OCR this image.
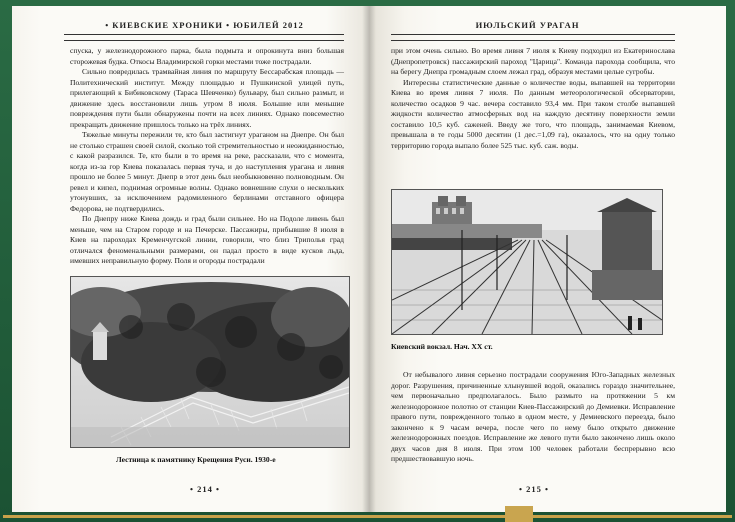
• КИЕВСКИЕ ХРОНИКИ • ЮБИЛЕЙ 2012

спуска, у железнодорожного парка, была подмыта и опрокинута вниз большая сторожевая будка. Откосы Владимирской горки местами тоже пострадали.

Сильно повредилась трамвайная линия по маршруту Бессарабская площадь — Политехнический институт. Между площадью и Пушкинской улицей путь, прилегающий к Бибиковскому (Тараса Шевченко) бульвару, был сильно размыт, и движение здесь восстановили лишь утром 8 июля. Большие или меньшие повреждения пути были обнаружены почти на всех линиях. Однако повсеместно прекращать движение пришлось только на трёх линиях.

Тяжелые минуты пережили те, кто был застигнут ураганом на Днепре. Он был не столько страшен своей силой, сколько той стремительностью и неожиданностью, с какой разразился. Те, кто были в то время на реке, рассказали, что с момента, когда из-за гор Киева показалась первая туча, и до наступления урагана и ливня прошло не более 5 минут. Днепр в этот день был необыкновенно полноводным. Он ревел и кипел, поднимая огромные волны. Однако вовнешние слухи о нескольких утонувших, за исключением радомиленного берлинами отставного офицера Федорова, не подтвердились.

По Днепру ниже Киева дождь и град были сильнее. Но на Подоле ливень был меньше, чем на Старом городе и на Печерске. Пассажиры, прибывшие 8 июля в Киев на пароходах Кременчугской линии, говорили, что близ Триполья град отличался феноменальными размерами, он падал просто в виде кусков льда, имевших неправильную форму. Поля и огороды пострадали

Лестница к памятнику Крещения Руси. 1930-е
• 214 •
ИЮЛЬСКИЙ УРАГАН

при этом очень сильно. Во время ливня 7 июля к Киеву подходил из Екатеринослава (Днепропетровск) пассажирский пароход "Царица". Команда парохода сообщила, что на берегу Днепра громадным слоем лежал град, образуя местами целые сугробы.

Интересны статистические данные о количестве воды, выпавшей на территории Киева во время ливня 7 июля. По данным метеорологической обсерватории, количество осадков 9 час. вечера составило 93,4 мм. При таком столбе выпавшей жидкости количество атмосферных вод на каждую десятину поверхности земли составило 10,5 куб. саженей. Введу же того, что площадь, занимаемая Киевом, превышала в те годы 5000 десятин (1 дес.=1,09 га), оказалось, что на одну только территорию города выпало более 525 тыс. куб. саж. воды.

Киевский вокзал. Нач. XX ст.

От небывалого ливня серьезно пострадали сооружения Юго-Западных железных дорог. Разрушения, причиненные хлынувшей водой, оказались гораздо значительнее, чем первоначально предполагалось. Было размыто на протяжении 5 км железнодорожное полотно от станции Киев-Пассажирский до Демиевки. Исправление правого пути, поврежденного только в одном месте, у Демиевского переезда, было закончено к 9 часам вечера, после чего по нему было открыто движение железнодорожных поездов. Исправление же левого пути было закончено лишь около двух часов дня 8 июля. При этом 100 человек работали беспрерывно всю предшествовавшую ночь.

• 215 •
